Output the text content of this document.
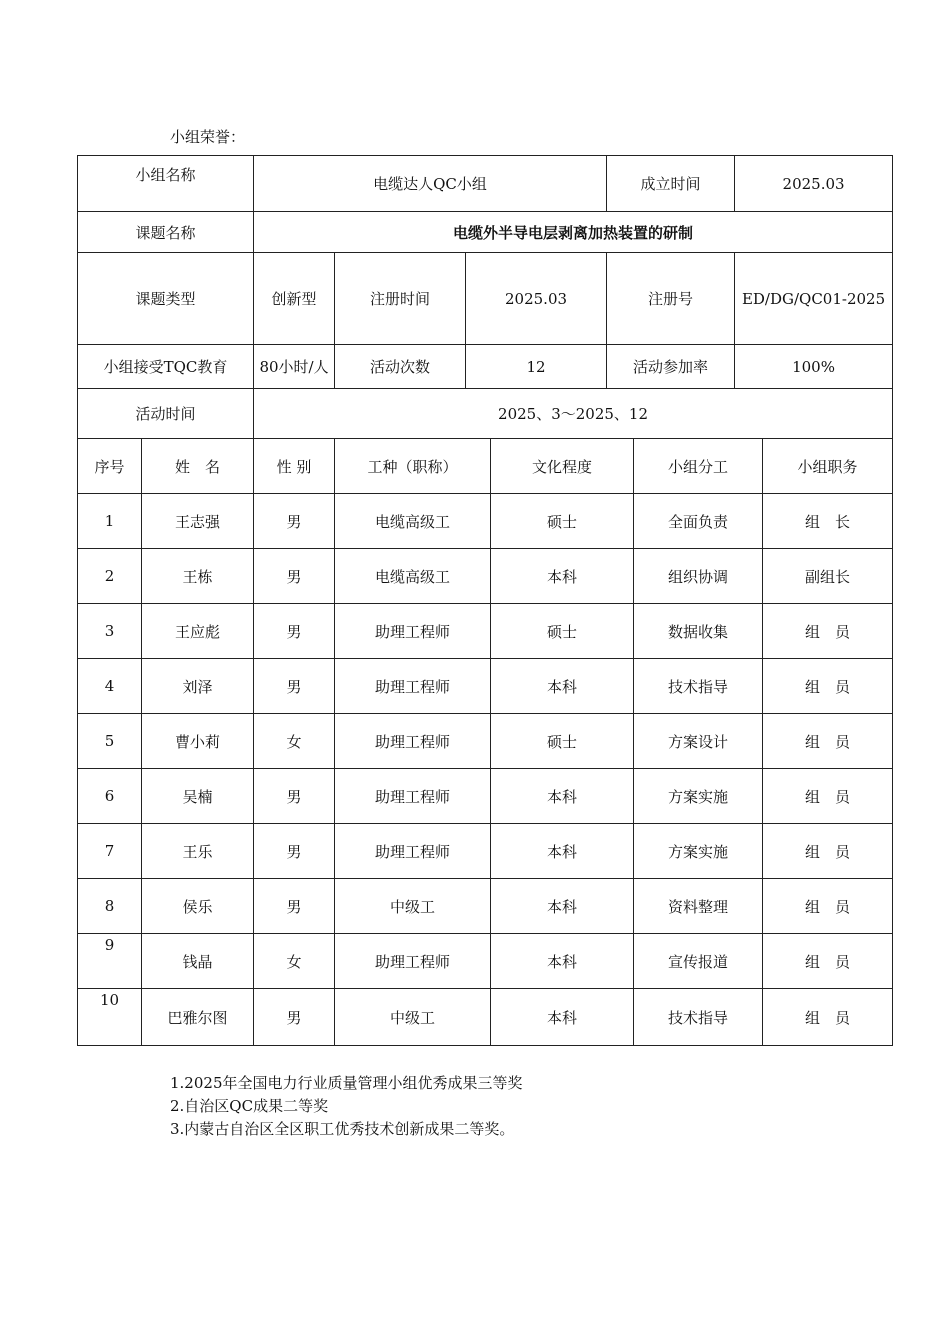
小组荣誉：
小组名称		电缆达人QC小组				成立时间		2025.03	
课题名称		电缆外半导电层剥离加热装置的研制							
课题类型		创新型	注册时间	2025.03		注册号		ED/DG/QC01-2025	
小组接受TQC教育		80小时/人	活动次数	12		活动参加率		100%	
活动时间		2025、3～2025、12							
序号	姓　名	性 别	工种（职称）		文化程度		小组分工		小组职务
1	王志强	男	电缆高级工		硕士		全面负责		组　长
2	王栋	男	电缆高级工		本科		组织协调		副组长
3	王应彪	男	助理工程师		硕士		数据收集		组　员
4	刘泽	男	助理工程师		本科		技术指导		组　员
5	曹小莉	女	助理工程师		硕士		方案设计		组　员
6	吴楠	男	助理工程师		本科		方案实施		组　员
7	王乐	男	助理工程师		本科		方案实施		组　员
8	侯乐	男	中级工		本科		资料整理		组　员

9	钱晶	女	助理工程师		本科		宣传报道		组　员

10	巴雅尔图	男	中级工		本科		技术指导		组　员
1.2025年全国电力行业质量管理小组优秀成果三等奖
2.自治区QC成果二等奖
3.内蒙古自治区全区职工优秀技术创新成果二等奖。
